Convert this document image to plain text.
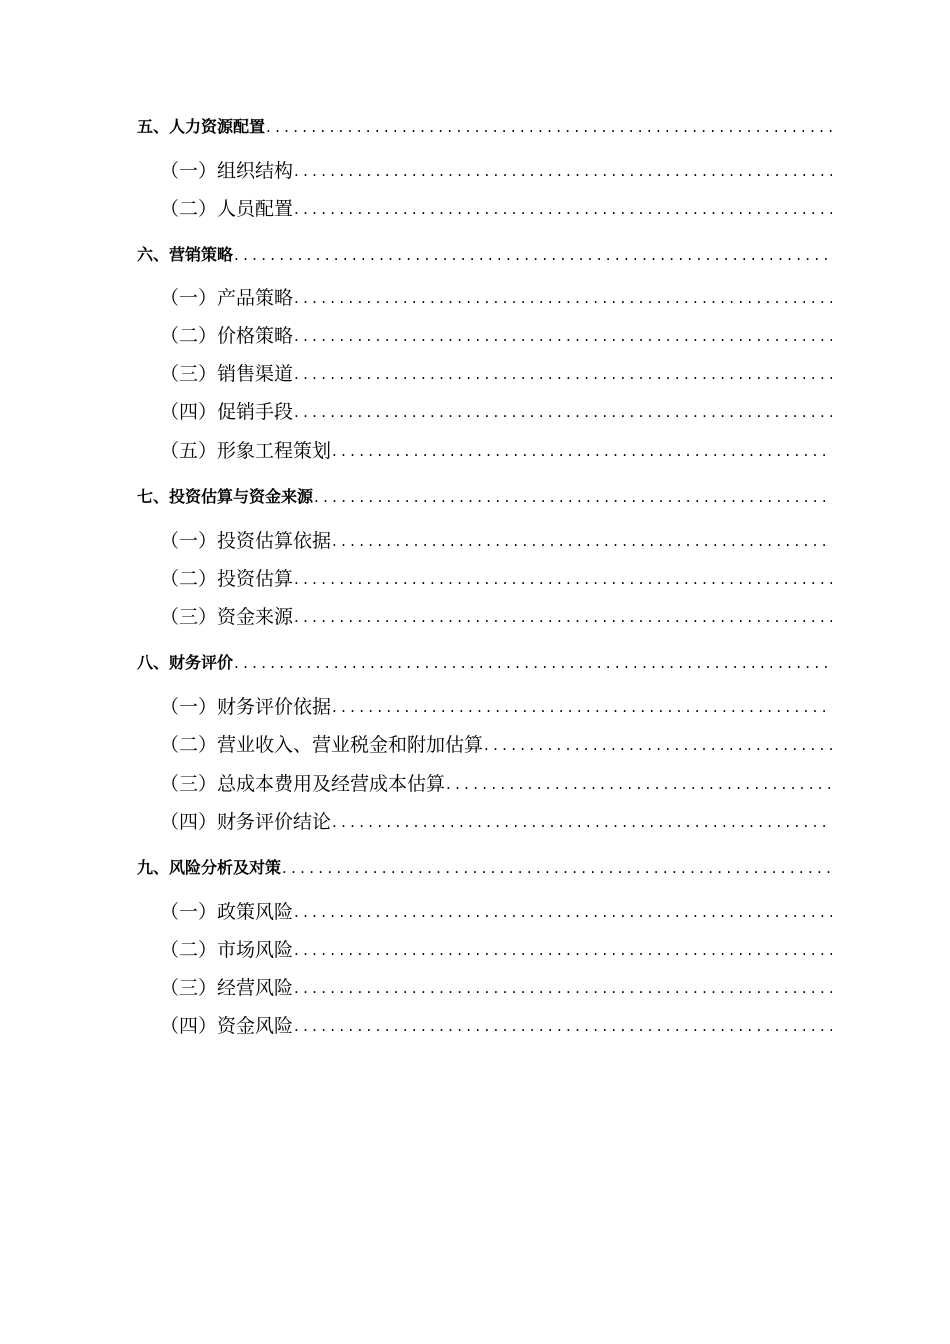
五、人力资源配置
.....
（一）组织结构
.....
（二）人员配置
.....
六、营销策略
.....
（一）产品策略
.....
（二）价格策略
.....
（三）销售渠道
.....
（四）促销手段
.....
（五）形象工程策划
.....
七、投资估算与资金来源
.....
（一）投资估算依据
.....
（二）投资估算
.....
（三）资金来源
.....
八、财务评价
.....
（一）财务评价依据
.....
（二）营业收入、营业税金和附加估算
.....
（三）总成本费用及经营成本估算
.....
（四）财务评价结论
.....
九、风险分析及对策
.....
（一）政策风险
.....
（二）市场风险
.....
（三）经营风险
.....
（四）资金风险
.....
